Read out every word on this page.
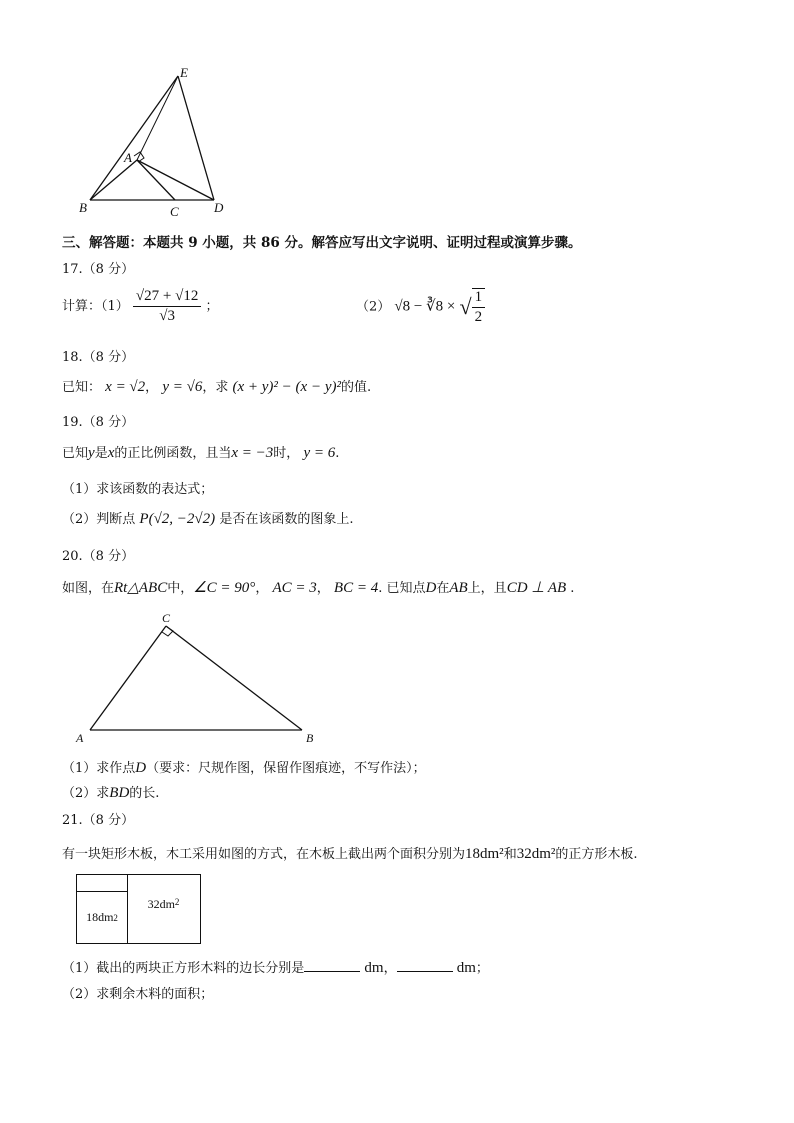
E
A
B	C	D
三、解答题：本题共 9 小题，共 86 分。解答应写出文字说明、证明过程或演算步骤。
17.（8 分）
计算：$(1) \frac{√27 + √12}{√3}$ ；	（2） √8 − ∛8 × √ $\frac{1}{2}$
18.（8 分）
已知： x = √2， y = √6，求 (x + y)² − (x − y)²的值.
19.（8 分）
已知y是x的正比例函数，且当x = −3时， y = 6.
（1）求该函数的表达式；
（2）判断点 P(√2, −2√2) 是否在该函数的图象上.
20.（8 分）
如图，在Rt△ABC中，∠C = 90°， AC = 3， BC = 4. 已知点D在AB上，且CD ⊥ AB .
C
A	B
（1）求作点D（要求：尺规作图，保留作图痕迹，不写作法）；
（2）求BD的长.
21.（8 分）
有一块矩形木板，木工采用如图的方式，在木板上截出两个面积分别为18dm²和32dm²的正方形木板.
18dm 2
32dm 2
（1）截出的两块正方形木料的边长分别是	dm，	dm；
（2）求剩余木料的面积；
